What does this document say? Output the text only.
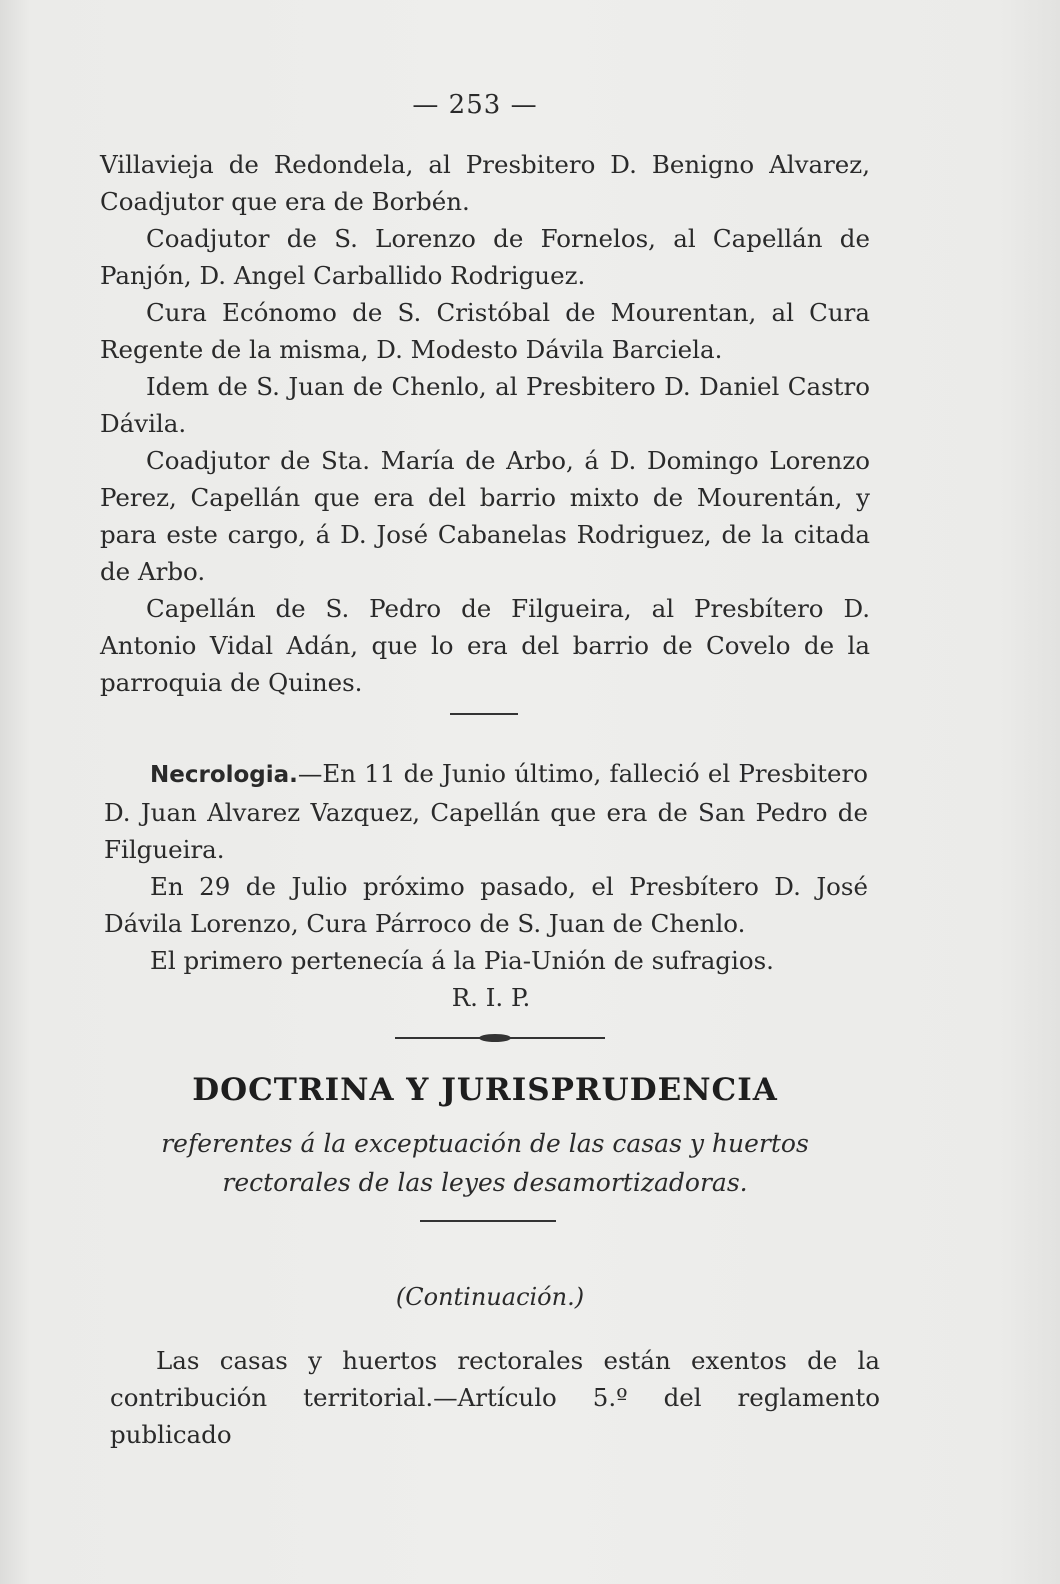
— 253 —

Villavieja de Redondela, al Presbitero D. Benigno Alvarez, Coadjutor que era de Borbén.

Coadjutor de S. Lorenzo de Fornelos, al Capellán de Panjón, D. Angel Carballido Rodriguez.

Cura Ecónomo de S. Cristóbal de Mourentan, al Cura Regente de la misma, D. Modesto Dávila Barciela.

Idem de S. Juan de Chenlo, al Presbitero D. Daniel Castro Dávila.

Coadjutor de Sta. María de Arbo, á D. Domingo Lorenzo Perez, Capellán que era del barrio mixto de Mourentán, y para este cargo, á D. José Cabanelas Rodriguez, de la citada de Arbo.

Capellán de S. Pedro de Filgueira, al Presbítero D. Antonio Vidal Adán, que lo era del barrio de Covelo de la parroquia de Quines.

Necrologia.—En 11 de Junio último, falleció el Presbitero D. Juan Alvarez Vazquez, Capellán que era de San Pedro de Filgueira.

En 29 de Julio próximo pasado, el Presbítero D. José Dávila Lorenzo, Cura Párroco de S. Juan de Chenlo.

El primero pertenecía á la Pia-Unión de sufragios.

R. I. P.

DOCTRINA Y JURISPRUDENCIA
referentes á la exceptuación de las casas y huertos rectorales de las leyes desamortizadoras.
(Continuación.)

Las casas y huertos rectorales están exentos de la contribución territorial.—Artículo 5.º del reglamento publicado
